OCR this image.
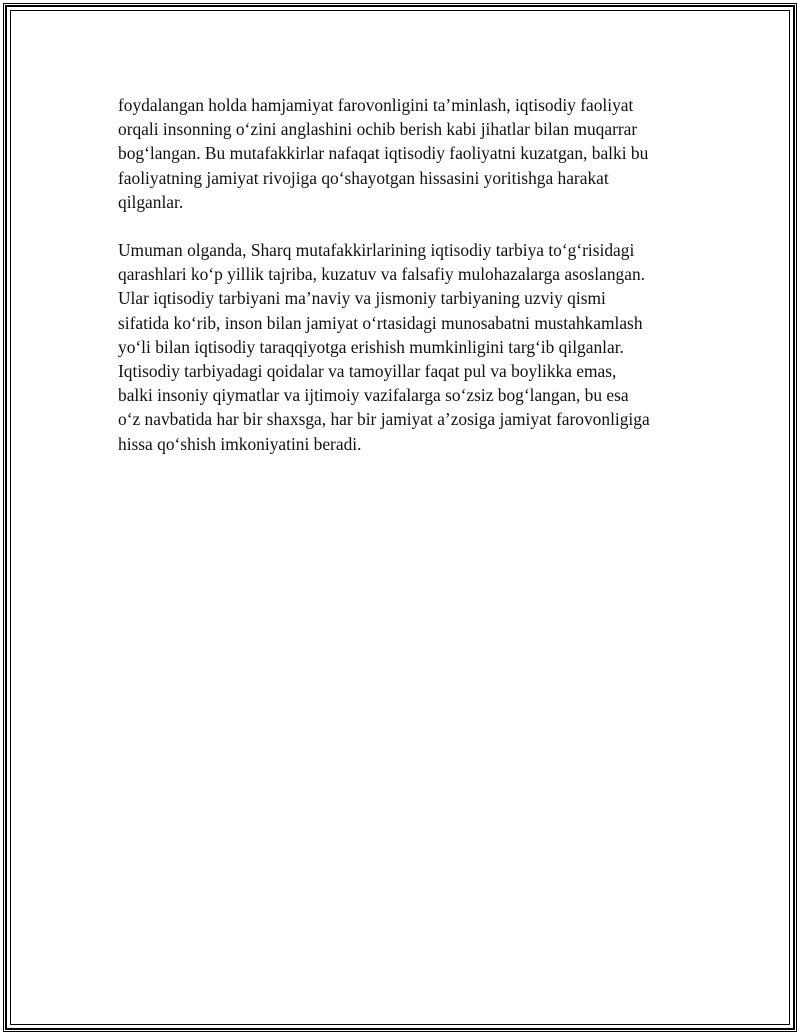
foydalangan holda hamjamiyat farovonligini ta’minlash, iqtisodiy faoliyat
orqali insonning o‘zini anglashini ochib berish kabi jihatlar bilan muqarrar
bog‘langan. Bu mutafakkirlar nafaqat iqtisodiy faoliyatni kuzatgan, balki bu
faoliyatning jamiyat rivojiga qo‘shayotgan hissasini yoritishga harakat
qilganlar.
Umuman olganda, Sharq mutafakkirlarining iqtisodiy tarbiya to‘g‘risidagi
qarashlari ko‘p yillik tajriba, kuzatuv va falsafiy mulohazalarga asoslangan.
Ular iqtisodiy tarbiyani ma’naviy va jismoniy tarbiyaning uzviy qismi
sifatida ko‘rib, inson bilan jamiyat o‘rtasidagi munosabatni mustahkamlash
yo‘li bilan iqtisodiy taraqqiyotga erishish mumkinligini targ‘ib qilganlar.
Iqtisodiy tarbiyadagi qoidalar va tamoyillar faqat pul va boylikka emas,
balki insoniy qiymatlar va ijtimoiy vazifalarga so‘zsiz bog‘langan, bu esa
o‘z navbatida har bir shaxsga, har bir jamiyat a’zosiga jamiyat farovonligiga
hissa qo‘shish imkoniyatini beradi.
